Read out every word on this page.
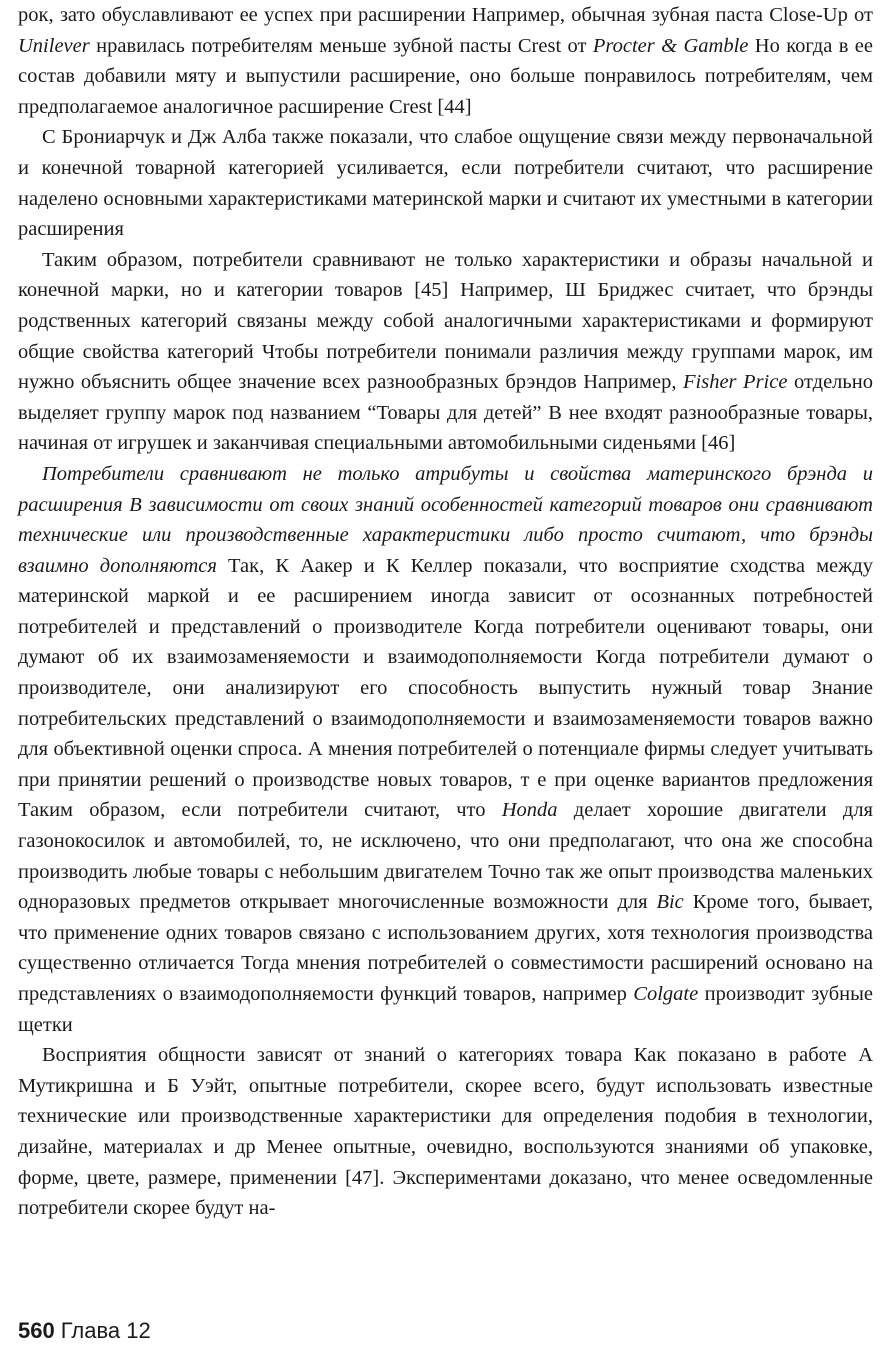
рок, зато обуславливают ее успех при расширении Например, обычная зубная паста Close-Up от Unilever нравилась потребителям меньше зубной пасты Crest от Procter & Gamble Но когда в ее состав добавили мяту и выпустили расширение, оно больше понравилось потребителям, чем предполагаемое аналогичное расширение Crest [44]

С Брониарчук и Дж Алба также показали, что слабое ощущение связи между первоначальной и конечной товарной категорией усиливается, если потребители считают, что расширение наделено основными характеристиками материнской марки и считают их уместными в категории расширения

Таким образом, потребители сравнивают не только характеристики и образы начальной и конечной марки, но и категории товаров [45] Например, Ш Бриджес считает, что брэнды родственных категорий связаны между собой аналогичными характеристиками и формируют общие свойства категорий Чтобы потребители понимали различия между группами марок, им нужно объяснить общее значение всех разнообразных брэндов Например, Fisher Price отдельно выделяет группу марок под названием “Товары для детей” В нее входят разнообразные товары, начиная от игрушек и заканчивая специальными автомобильными сиденьями [46]

Потребители сравнивают не только атрибуты и свойства материнского брэнда и расширения В зависимости от своих знаний особенностей категорий товаров они сравнивают технические или производственные характеристики либо просто считают, что брэнды взаимно дополняются Так, К Аакер и К Келлер показали, что восприятие сходства между материнской маркой и ее расширением иногда зависит от осознанных потребностей потребителей и представлений о производителе Когда потребители оценивают товары, они думают об их взаимозаменяемости и взаимодополняемости Когда потребители думают о производителе, они анализируют его способность выпустить нужный товар Знание потребительских представлений о взаимодополняемости и взаимозаменяемости товаров важно для объективной оценки спроса. А мнения потребителей о потенциале фирмы следует учитывать при принятии решений о производстве новых товаров, т е при оценке вариантов предложения Таким образом, если потребители считают, что Honda делает хорошие двигатели для газонокосилок и автомобилей, то, не исключено, что они предполагают, что она же способна производить любые товары с небольшим двигателем Точно так же опыт производства маленьких одноразовых предметов открывает многочисленные возможности для Bic Кроме того, бывает, что применение одних товаров связано с использованием других, хотя технология производства существенно отличается Тогда мнения потребителей о совместимости расширений основано на представлениях о взаимодополняемости функций товаров, например Colgate производит зубные щетки

Восприятия общности зависят от знаний о категориях товара Как показано в работе А Мутикришна и Б Уэйт, опытные потребители, скорее всего, будут использовать известные технические или производственные характеристики для определения подобия в технологии, дизайне, материалах и др Менее опытные, очевидно, воспользуются знаниями об упаковке, форме, цвете, размере, применении [47]. Экспериментами доказано, что менее осведомленные потребители скорее будут на-

560 Глава 12
